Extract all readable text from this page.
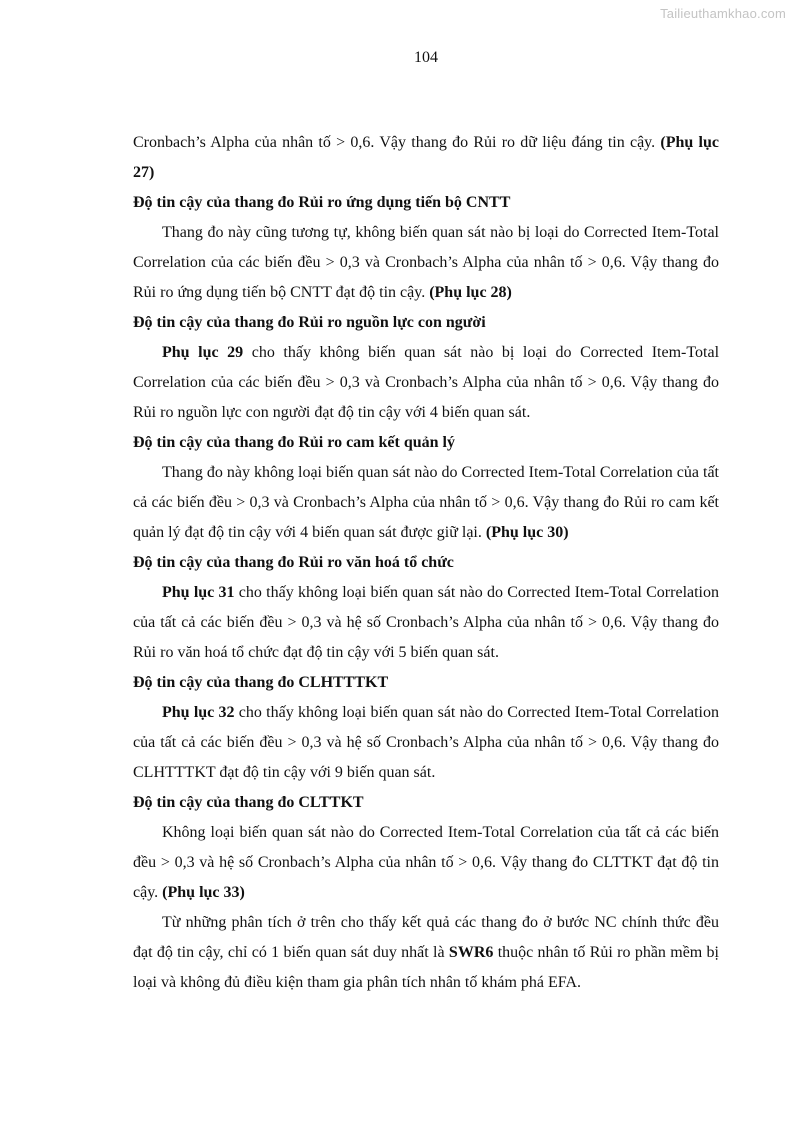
Tailieuthamkhao.com
104

Cronbach’s Alpha của nhân tố > 0,6. Vậy thang đo Rủi ro dữ liệu đáng tin cậy. (Phụ lục 27)

Độ tin cậy của thang đo Rủi ro ứng dụng tiến bộ CNTT

Thang đo này cũng tương tự, không biến quan sát nào bị loại do Corrected Item-Total Correlation của các biến đều > 0,3 và Cronbach’s Alpha của nhân tố > 0,6. Vậy thang đo Rủi ro ứng dụng tiến bộ CNTT đạt độ tin cậy. (Phụ lục 28)

Độ tin cậy của thang đo Rủi ro nguồn lực con người

Phụ lục 29 cho thấy không biến quan sát nào bị loại do Corrected Item-Total Correlation của các biến đều > 0,3 và Cronbach’s Alpha của nhân tố > 0,6. Vậy thang đo Rủi ro nguồn lực con người đạt độ tin cậy với 4 biến quan sát.

Độ tin cậy của thang đo Rủi ro cam kết quản lý

Thang đo này không loại biến quan sát nào do Corrected Item-Total Correlation của tất cả các biến đều > 0,3 và Cronbach’s Alpha của nhân tố > 0,6. Vậy thang đo Rủi ro cam kết quản lý đạt độ tin cậy với 4 biến quan sát được giữ lại. (Phụ lục 30)

Độ tin cậy của thang đo Rủi ro văn hoá tổ chức

Phụ lục 31 cho thấy không loại biến quan sát nào do Corrected Item-Total Correlation của tất cả các biến đều > 0,3 và hệ số Cronbach’s Alpha của nhân tố > 0,6. Vậy thang đo Rủi ro văn hoá tổ chức đạt độ tin cậy với 5 biến quan sát.

Độ tin cậy của thang đo CLHTTTKT

Phụ lục 32 cho thấy không loại biến quan sát nào do Corrected Item-Total Correlation của tất cả các biến đều > 0,3 và hệ số Cronbach’s Alpha của nhân tố > 0,6. Vậy thang đo CLHTTTKT đạt độ tin cậy với 9 biến quan sát.

Độ tin cậy của thang đo CLTTKT

Không loại biến quan sát nào do Corrected Item-Total Correlation của tất cả các biến đều > 0,3 và hệ số Cronbach’s Alpha của nhân tố > 0,6. Vậy thang đo CLTTKT đạt độ tin cậy. (Phụ lục 33)

Từ những phân tích ở trên cho thấy kết quả các thang đo ở bước NC chính thức đều đạt độ tin cậy, chỉ có 1 biến quan sát duy nhất là SWR6 thuộc nhân tố Rủi ro phần mềm bị loại và không đủ điều kiện tham gia phân tích nhân tố khám phá EFA.
